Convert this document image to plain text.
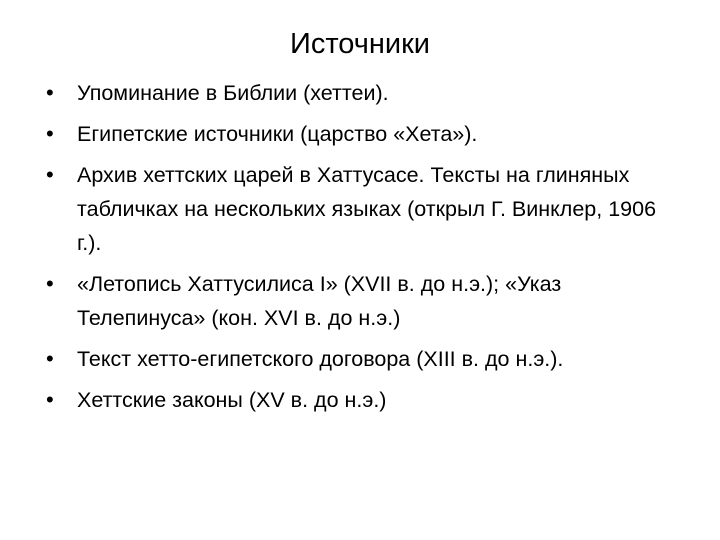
Источники
• Упоминание в Библии (хеттеи).
• Египетские источники (царство «Хета»).
• Архив хеттских царей в Хаттусасе. Тексты на глиняных табличках на нескольких языках (открыл Г. Винклер, 1906 г.).
• «Летопись Хаттусилиса I» (XVII в. до н.э.); «Указ Телепинуса» (кон. XVI в. до н.э.)
• Текст хетто-египетского договора (XIII в. до н.э.).
• Хеттские законы (XV в. до н.э.)
